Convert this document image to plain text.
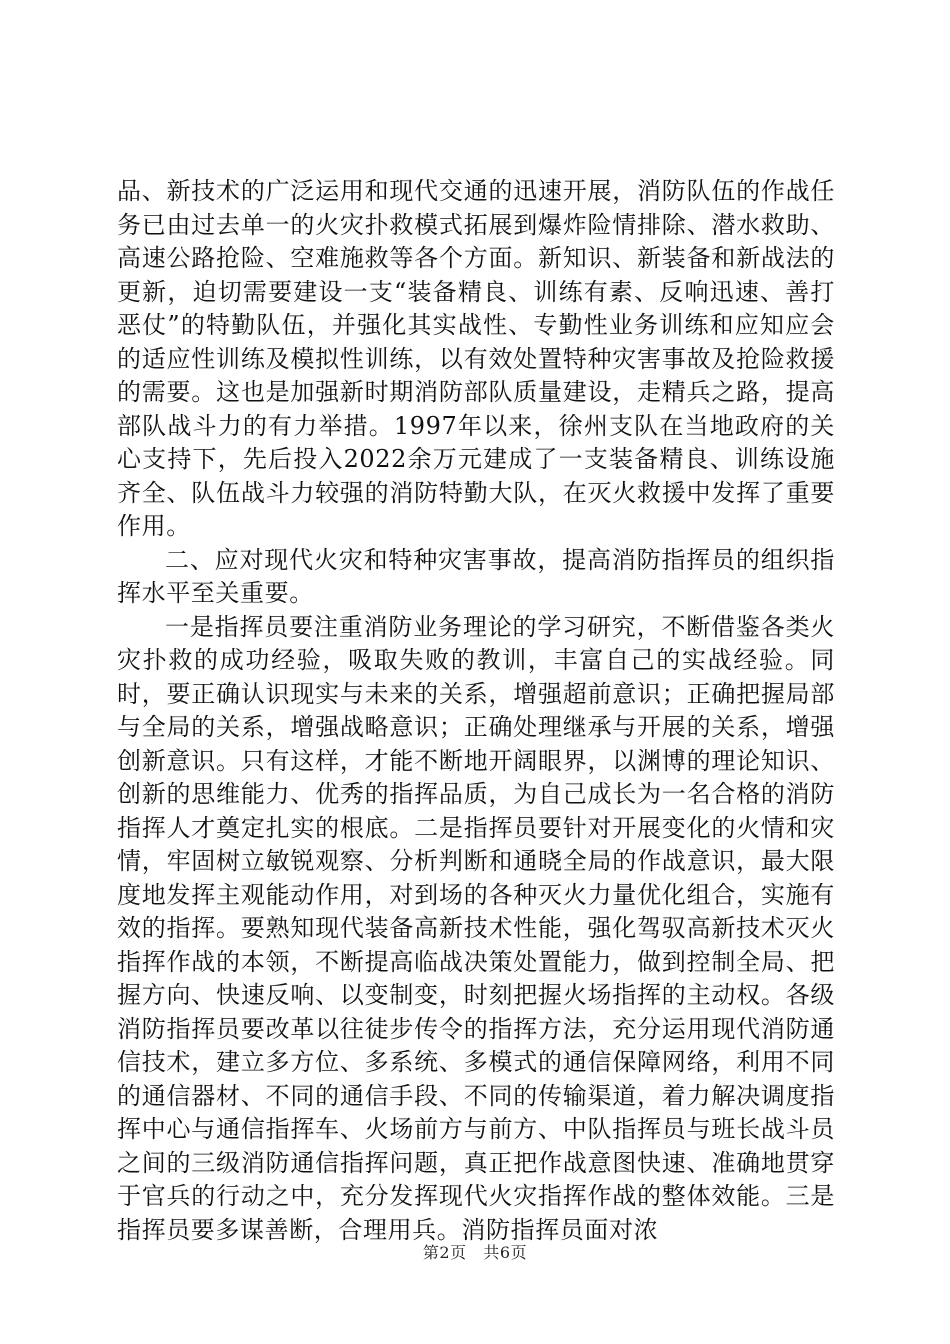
品、新技术的广泛运用和现代交通的迅速开展，消防队伍的作战任务已由过去单一的火灾扑救模式拓展到爆炸险情排除、潜水救助、高速公路抢险、空难施救等各个方面。新知识、新装备和新战法的更新，迫切需要建设一支“装备精良、训练有素、反响迅速、善打恶仗”的特勤队伍，并强化其实战性、专勤性业务训练和应知应会的适应性训练及模拟性训练，以有效处置特种灾害事故及抢险救援的需要。这也是加强新时期消防部队质量建设，走精兵之路，提高部队战斗力的有力举措。1997年以来，徐州支队在当地政府的关心支持下，先后投入2022余万元建成了一支装备精良、训练设施齐全、队伍战斗力较强的消防特勤大队，在灭火救援中发挥了重要作用。

二、应对现代火灾和特种灾害事故，提高消防指挥员的组织指挥水平至关重要。

一是指挥员要注重消防业务理论的学习研究，不断借鉴各类火灾扑救的成功经验，吸取失败的教训，丰富自己的实战经验。同时，要正确认识现实与未来的关系，增强超前意识；正确把握局部与全局的关系，增强战略意识；正确处理继承与开展的关系，增强创新意识。只有这样，才能不断地开阔眼界，以渊博的理论知识、创新的思维能力、优秀的指挥品质，为自己成长为一名合格的消防指挥人才奠定扎实的根底。二是指挥员要针对开展变化的火情和灾情，牢固树立敏锐观察、分析判断和通晓全局的作战意识，最大限度地发挥主观能动作用，对到场的各种灭火力量优化组合，实施有效的指挥。要熟知现代装备高新技术性能，强化驾驭高新技术灭火指挥作战的本领，不断提高临战决策处置能力，做到控制全局、把握方向、快速反响、以变制变，时刻把握火场指挥的主动权。各级消防指挥员要改革以往徒步传令的指挥方法，充分运用现代消防通信技术，建立多方位、多系统、多模式的通信保障网络，利用不同的通信器材、不同的通信手段、不同的传输渠道，着力解决调度指挥中心与通信指挥车、火场前方与前方、中队指挥员与班长战斗员之间的三级消防通信指挥问题，真正把作战意图快速、准确地贯穿于官兵的行动之中，充分发挥现代火灾指挥作战的整体效能。三是指挥员要多谋善断，合理用兵。消防指挥员面对浓

第2页 共6页
